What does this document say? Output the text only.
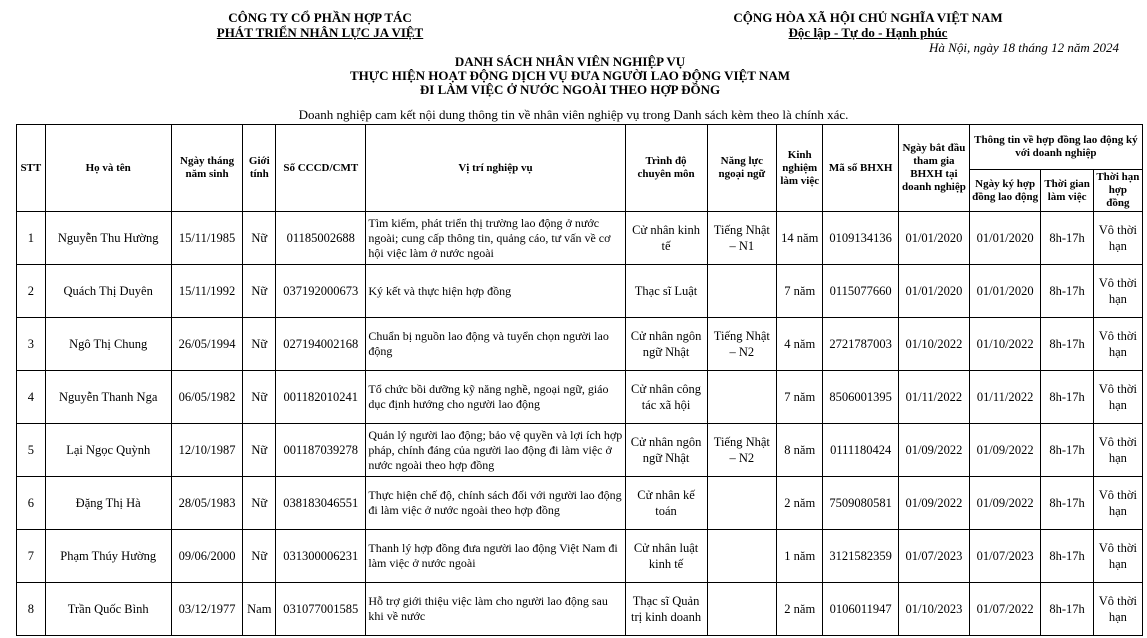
CÔNG TY CỔ PHẦN HỢP TÁC
PHÁT TRIỂN NHÂN LỰC JA VIỆT
CỘNG HÒA XÃ HỘI CHỦ NGHĨA VIỆT NAM
Độc lập - Tự do - Hạnh phúc
Hà Nội, ngày 18 tháng 12 năm 2024
DANH SÁCH NHÂN VIÊN NGHIỆP VỤ
THỰC HIỆN HOẠT ĐỘNG DỊCH VỤ ĐƯA NGƯỜI LAO ĐỘNG VIỆT NAM
ĐI LÀM VIỆC Ở NƯỚC NGOÀI THEO HỢP ĐỒNG
Doanh nghiệp cam kết nội dung thông tin về nhân viên nghiệp vụ trong Danh sách kèm theo là chính xác.
STT	Họ và tên	Ngày tháng năm sinh	Giới tính	Số CCCD/CMT	Vị trí nghiệp vụ	Trình độ chuyên môn	Năng lực ngoại ngữ	Kinh nghiệm làm việc	Mã số BHXH	Ngày bắt đầu tham gia BHXH tại doanh nghiệp	Thông tin về hợp đồng lao động ký với doanh nghiệp		
											Ngày ký hợp đồng lao động	Thời gian làm việc	Thời hạn hợp đồng
1	Nguyễn Thu Hường	15/11/1985	Nữ	01185002688	Tìm kiếm, phát triển thị trường lao động ở nước ngoài; cung cấp thông tin, quảng cáo, tư vấn về cơ hội việc làm ở nước ngoài	Cử nhân kinh tế	Tiếng Nhật – N1	14 năm	0109134136	01/01/2020	01/01/2020	8h-17h	Vô thời hạn
2	Quách Thị Duyên	15/11/1992	Nữ	037192000673	Ký kết và thực hiện hợp đồng	Thạc sĩ Luật		7 năm	0115077660	01/01/2020	01/01/2020	8h-17h	Vô thời hạn
3	Ngô Thị Chung	26/05/1994	Nữ	027194002168	Chuẩn bị nguồn lao động và tuyển chọn người lao động	Cử nhân ngôn ngữ Nhật	Tiếng Nhật – N2	4 năm	2721787003	01/10/2022	01/10/2022	8h-17h	Vô thời hạn
4	Nguyễn Thanh Nga	06/05/1982	Nữ	001182010241	Tổ chức bồi dưỡng kỹ năng nghề, ngoại ngữ, giáo dục định hướng cho người lao động	Cử nhân công tác xã hội		7 năm	8506001395	01/11/2022	01/11/2022	8h-17h	Vô thời hạn
5	Lại Ngọc Quỳnh	12/10/1987	Nữ	001187039278	Quản lý người lao động; bảo vệ quyền và lợi ích hợp pháp, chính đáng của người lao động đi làm việc ở nước ngoài theo hợp đồng	Cử nhân ngôn ngữ Nhật	Tiếng Nhật – N2	8 năm	0111180424	01/09/2022	01/09/2022	8h-17h	Vô thời hạn
6	Đặng Thị Hà	28/05/1983	Nữ	038183046551	Thực hiện chế độ, chính sách đối với người lao động đi làm việc ở nước ngoài theo hợp đồng	Cử nhân kế toán		2 năm	7509080581	01/09/2022	01/09/2022	8h-17h	Vô thời hạn
7	Phạm Thúy Hường	09/06/2000	Nữ	031300006231	Thanh lý hợp đồng đưa người lao động Việt Nam đi làm việc ở nước ngoài	Cử nhân luật kinh tế		1 năm	3121582359	01/07/2023	01/07/2023	8h-17h	Vô thời hạn
8	Trần Quốc Bình	03/12/1977	Nam	031077001585	Hỗ trợ giới thiệu việc làm cho người lao động sau khi về nước	Thạc sĩ Quản trị kinh doanh		2 năm	0106011947	01/10/2023	01/07/2022	8h-17h	Vô thời hạn
